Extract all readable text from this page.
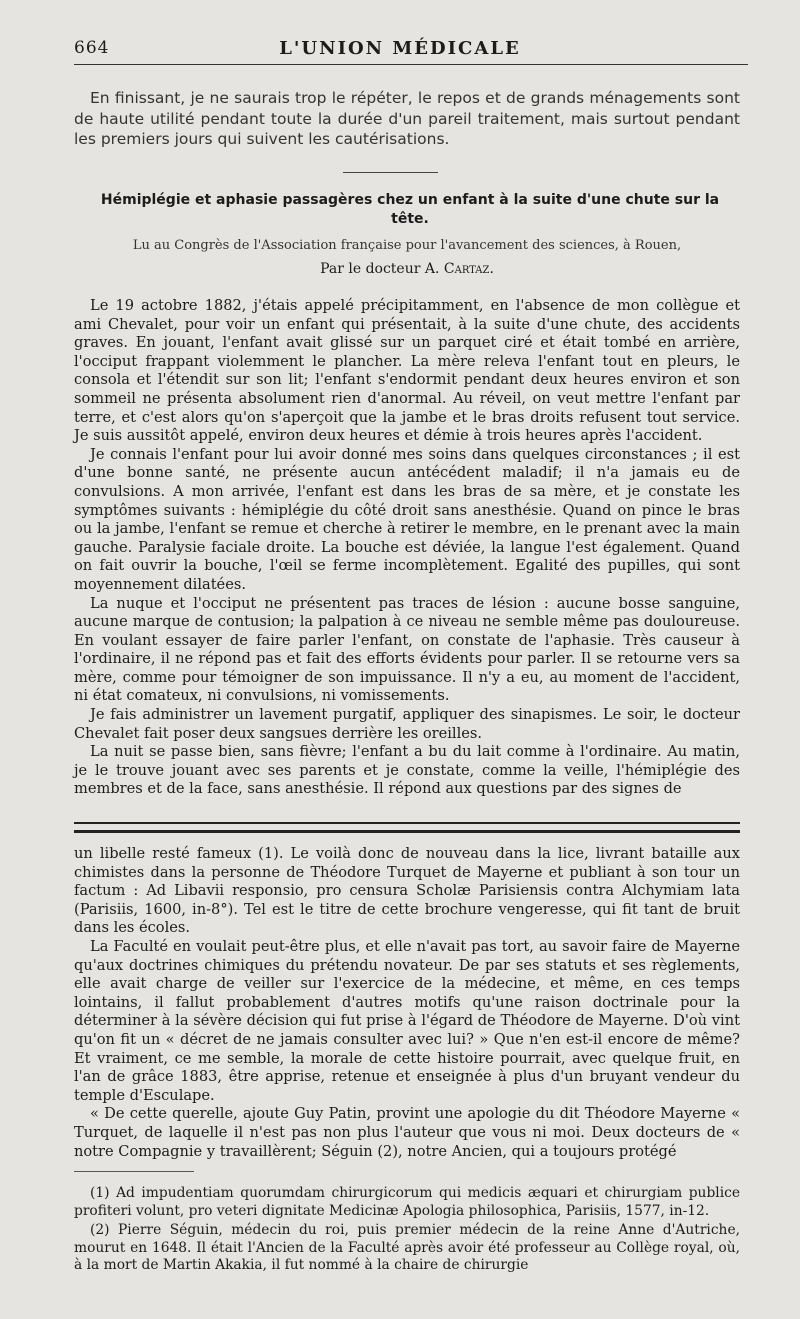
664	L'UNION MÉDICALE

En finissant, je ne saurais trop le répéter, le repos et de grands ménagements sont de haute utilité pendant toute la durée d'un pareil traitement, mais surtout pendant les premiers jours qui suivent les cautérisations.

Hémiplégie et aphasie passagères chez un enfant à la suite d'une chute sur la tête.
Lu au Congrès de l'Association française pour l'avancement des sciences, à Rouen,
Par le docteur A. Cartaz.

Le 19 actobre 1882, j'étais appelé précipitamment, en l'absence de mon collègue et ami Chevalet, pour voir un enfant qui présentait, à la suite d'une chute, des accidents graves. En jouant, l'enfant avait glissé sur un parquet ciré et était tombé en arrière, l'occiput frappant violemment le plancher. La mère releva l'enfant tout en pleurs, le consola et l'étendit sur son lit; l'enfant s'endormit pendant deux heures environ et son sommeil ne présenta absolument rien d'anormal. Au réveil, on veut mettre l'enfant par terre, et c'est alors qu'on s'aperçoit que la jambe et le bras droits refusent tout service. Je suis aussitôt appelé, environ deux heures et démie à trois heures après l'accident.

Je connais l'enfant pour lui avoir donné mes soins dans quelques circonstances ; il est d'une bonne santé, ne présente aucun antécédent maladif; il n'a jamais eu de convulsions. A mon arrivée, l'enfant est dans les bras de sa mère, et je constate les symptômes suivants : hémiplégie du côté droit sans anesthésie. Quand on pince le bras ou la jambe, l'enfant se remue et cherche à retirer le membre, en le prenant avec la main gauche. Paralysie faciale droite. La bouche est déviée, la langue l'est également. Quand on fait ouvrir la bouche, l'œil se ferme incomplètement. Egalité des pupilles, qui sont moyennement dilatées.

La nuque et l'occiput ne présentent pas traces de lésion : aucune bosse sanguine, aucune marque de contusion; la palpation à ce niveau ne semble même pas douloureuse. En voulant essayer de faire parler l'enfant, on constate de l'aphasie. Très causeur à l'ordinaire, il ne répond pas et fait des efforts évidents pour parler. Il se retourne vers sa mère, comme pour témoigner de son impuissance. Il n'y a eu, au moment de l'accident, ni état comateux, ni convulsions, ni vomissements.

Je fais administrer un lavement purgatif, appliquer des sinapismes. Le soir, le docteur Chevalet fait poser deux sangsues derrière les oreilles.

La nuit se passe bien, sans fièvre; l'enfant a bu du lait comme à l'ordinaire. Au matin, je le trouve jouant avec ses parents et je constate, comme la veille, l'hémiplégie des membres et de la face, sans anesthésie. Il répond aux questions par des signes de

un libelle resté fameux (1). Le voilà donc de nouveau dans la lice, livrant bataille aux chimistes dans la personne de Théodore Turquet de Mayerne et publiant à son tour un factum : Ad Libavii responsio, pro censura Scholæ Parisiensis contra Alchymiam lata (Parisiis, 1600, in-8°). Tel est le titre de cette brochure vengeresse, qui fit tant de bruit dans les écoles.

La Faculté en voulait peut-être plus, et elle n'avait pas tort, au savoir faire de Mayerne qu'aux doctrines chimiques du prétendu novateur. De par ses statuts et ses règlements, elle avait charge de veiller sur l'exercice de la médecine, et même, en ces temps lointains, il fallut probablement d'autres motifs qu'une raison doctrinale pour la déterminer à la sévère décision qui fut prise à l'égard de Théodore de Mayerne. D'où vint qu'on fit un « décret de ne jamais consulter avec lui? » Que n'en est-il encore de même? Et vraiment, ce me semble, la morale de cette histoire pourrait, avec quelque fruit, en l'an de grâce 1883, être apprise, retenue et enseignée à plus d'un bruyant vendeur du temple d'Esculape.

« De cette querelle, ajoute Guy Patin, provint une apologie du dit Théodore Mayerne « Turquet, de laquelle il n'est pas non plus l'auteur que vous ni moi. Deux docteurs de « notre Compagnie y travaillèrent; Séguin (2), notre Ancien, qui a toujours protégé

(1) Ad impudentiam quorumdam chirurgicorum qui medicis æquari et chirurgiam publice profiteri volunt, pro veteri dignitate Medicinæ Apologia philosophica, Parisiis, 1577, in-12.

(2) Pierre Séguin, médecin du roi, puis premier médecin de la reine Anne d'Autriche, mourut en 1648. Il était l'Ancien de la Faculté après avoir été professeur au Collège royal, où, à la mort de Martin Akakia, il fut nommé à la chaire de chirurgie
